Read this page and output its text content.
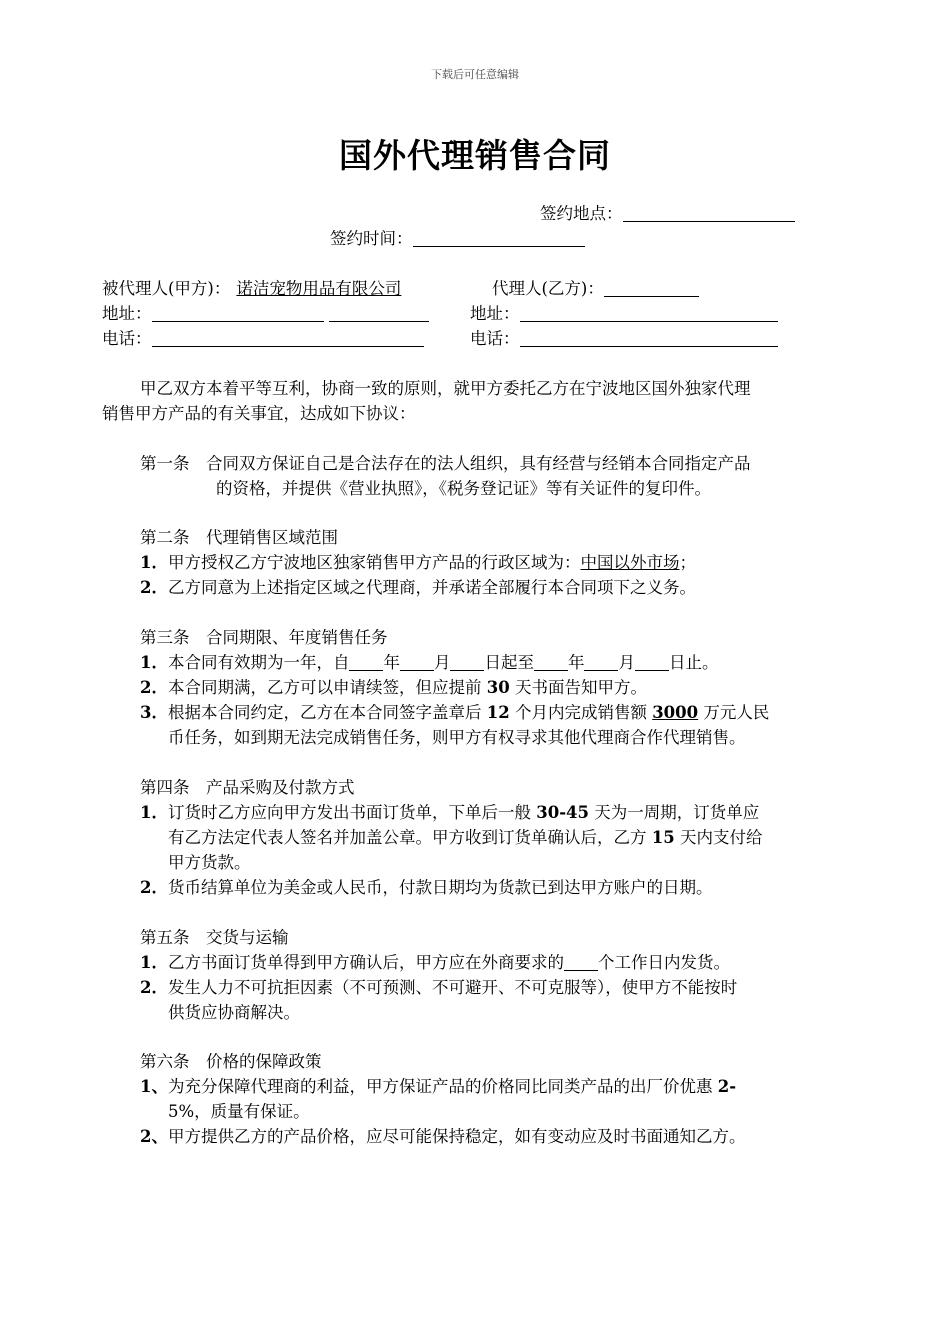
下载后可任意编辑
国外代理销售合同
签约地点：
签约时间：
被代理人(甲方)： 诺洁宠物用品有限公司	代理人(乙方)：
地址：	地址：
电话：	电话：
甲乙双方本着平等互利，协商一致的原则，就甲方委托乙方在宁波地区国外独家代理
销售甲方产品的有关事宜，达成如下协议：
第一条　合同双方保证自己是合法存在的法人组织，具有经营与经销本合同指定产品
的资格，并提供《营业执照》，《税务登记证》等有关证件的复印件。
第二条　代理销售区域范围
1．甲方授权乙方宁波地区独家销售甲方产品的行政区域为：中国以外市场；
2．乙方同意为上述指定区域之代理商，并承诺全部履行本合同项下之义务。
第三条　合同期限、年度销售任务
1．本合同有效期为一年，自 年 月 日起至 年 月 日止。
2．本合同期满，乙方可以申请续签，但应提前 30 天书面告知甲方。
3．根据本合同约定，乙方在本合同签字盖章后 12 个月内完成销售额 3000 万元人民
币任务，如到期无法完成销售任务，则甲方有权寻求其他代理商合作代理销售。
第四条　产品采购及付款方式
1．订货时乙方应向甲方发出书面订货单，下单后一般 30-45 天为一周期，订货单应
有乙方法定代表人签名并加盖公章。甲方收到订货单确认后，乙方 15 天内支付给
甲方货款。
2．货币结算单位为美金或人民币，付款日期均为货款已到达甲方账户的日期。
第五条　交货与运输
1．乙方书面订货单得到甲方确认后，甲方应在外商要求的 个工作日内发货。
2．发生人力不可抗拒因素（不可预测、不可避开、不可克服等），使甲方不能按时
供货应协商解决。
第六条　价格的保障政策
1、为充分保障代理商的利益，甲方保证产品的价格同比同类产品的出厂价优惠 2-
5%，质量有保证。
2、甲方提供乙方的产品价格，应尽可能保持稳定，如有变动应及时书面通知乙方。
